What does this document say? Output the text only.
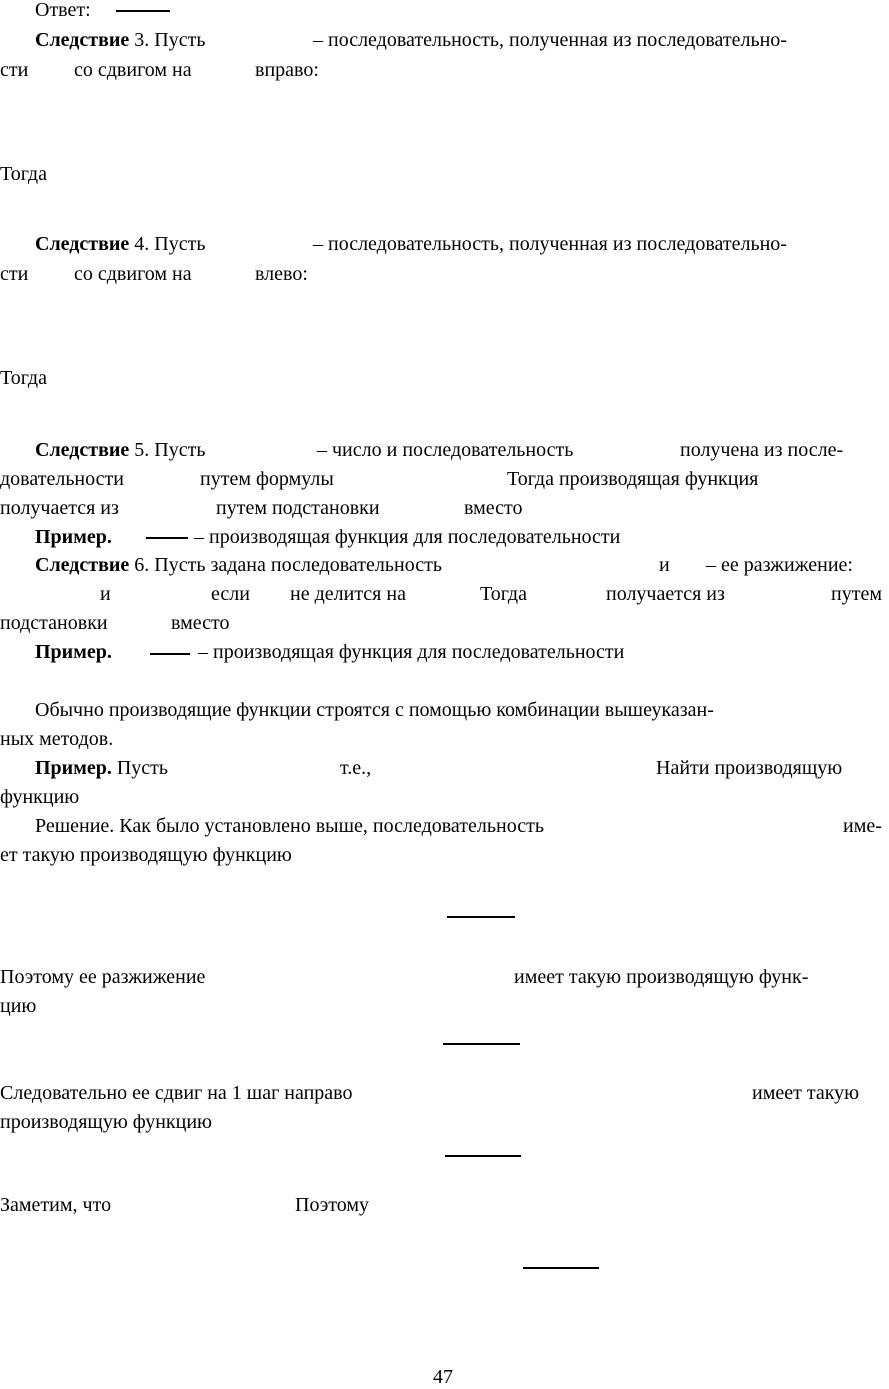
Ответ:
Следствие 3. Пусть	– последовательность, полученная из последовательно-
сти со сдвигом на	вправо:
Тогда
Следствие 4. Пусть	– последовательность, полученная из последовательно-
сти со сдвигом на	влево:
Тогда
Следствие 5. Пусть	– число и последовательность	получена из после-
довательности	путем формулы	Тогда производящая функция
получается из	путем подстановки	вместо
Пример.	– производящая функция для последовательности
Следствие 6. Пусть задана последовательность	и – ее разжижение:
и	если не делится на	Тогда	получается из	путем
подстановки	вместо
Пример.	– производящая функция для последовательности
Обычно производящие функции строятся с помощью комбинации вышеуказан-
ных методов.
Пример. Пусть	т.е.,	Найти производящую
функцию
Решение. Как было установлено выше, последовательность	име-
ет такую производящую функцию
Поэтому ее разжижение	имеет такую производящую функ-
цию
Следовательно ее сдвиг на 1 шаг направо	имеет такую
производящую функцию
Заметим, что	Поэтому
47
